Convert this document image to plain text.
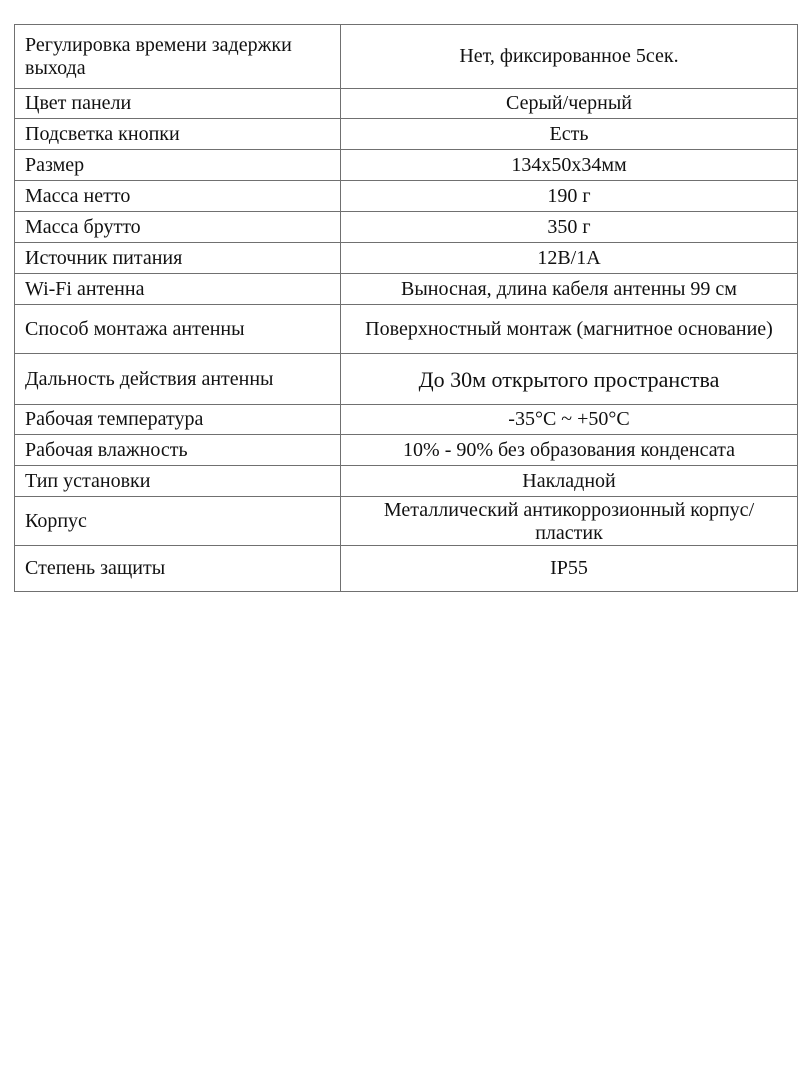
Регулировка времени задержки выхода	Нет, фиксированное 5сек.
Цвет панели	Серый/черный
Подсветка кнопки	Есть
Размер	134x50x34мм
Масса нетто	190 г
Масса брутто	350 г
Источник питания	12В/1А
Wi-Fi антенна	Выносная, длина кабеля антенны 99 см
Способ монтажа антенны	Поверхностный монтаж (магнитное основание)
Дальность действия антенны	До 30м открытого пространства
Рабочая температура	-35°C ~ +50°C
Рабочая влажность	10% - 90% без образования конденсата
Тип установки	Накладной
Корпус	Металлический антикоррозионный корпус/пластик
Степень защиты	IP55
